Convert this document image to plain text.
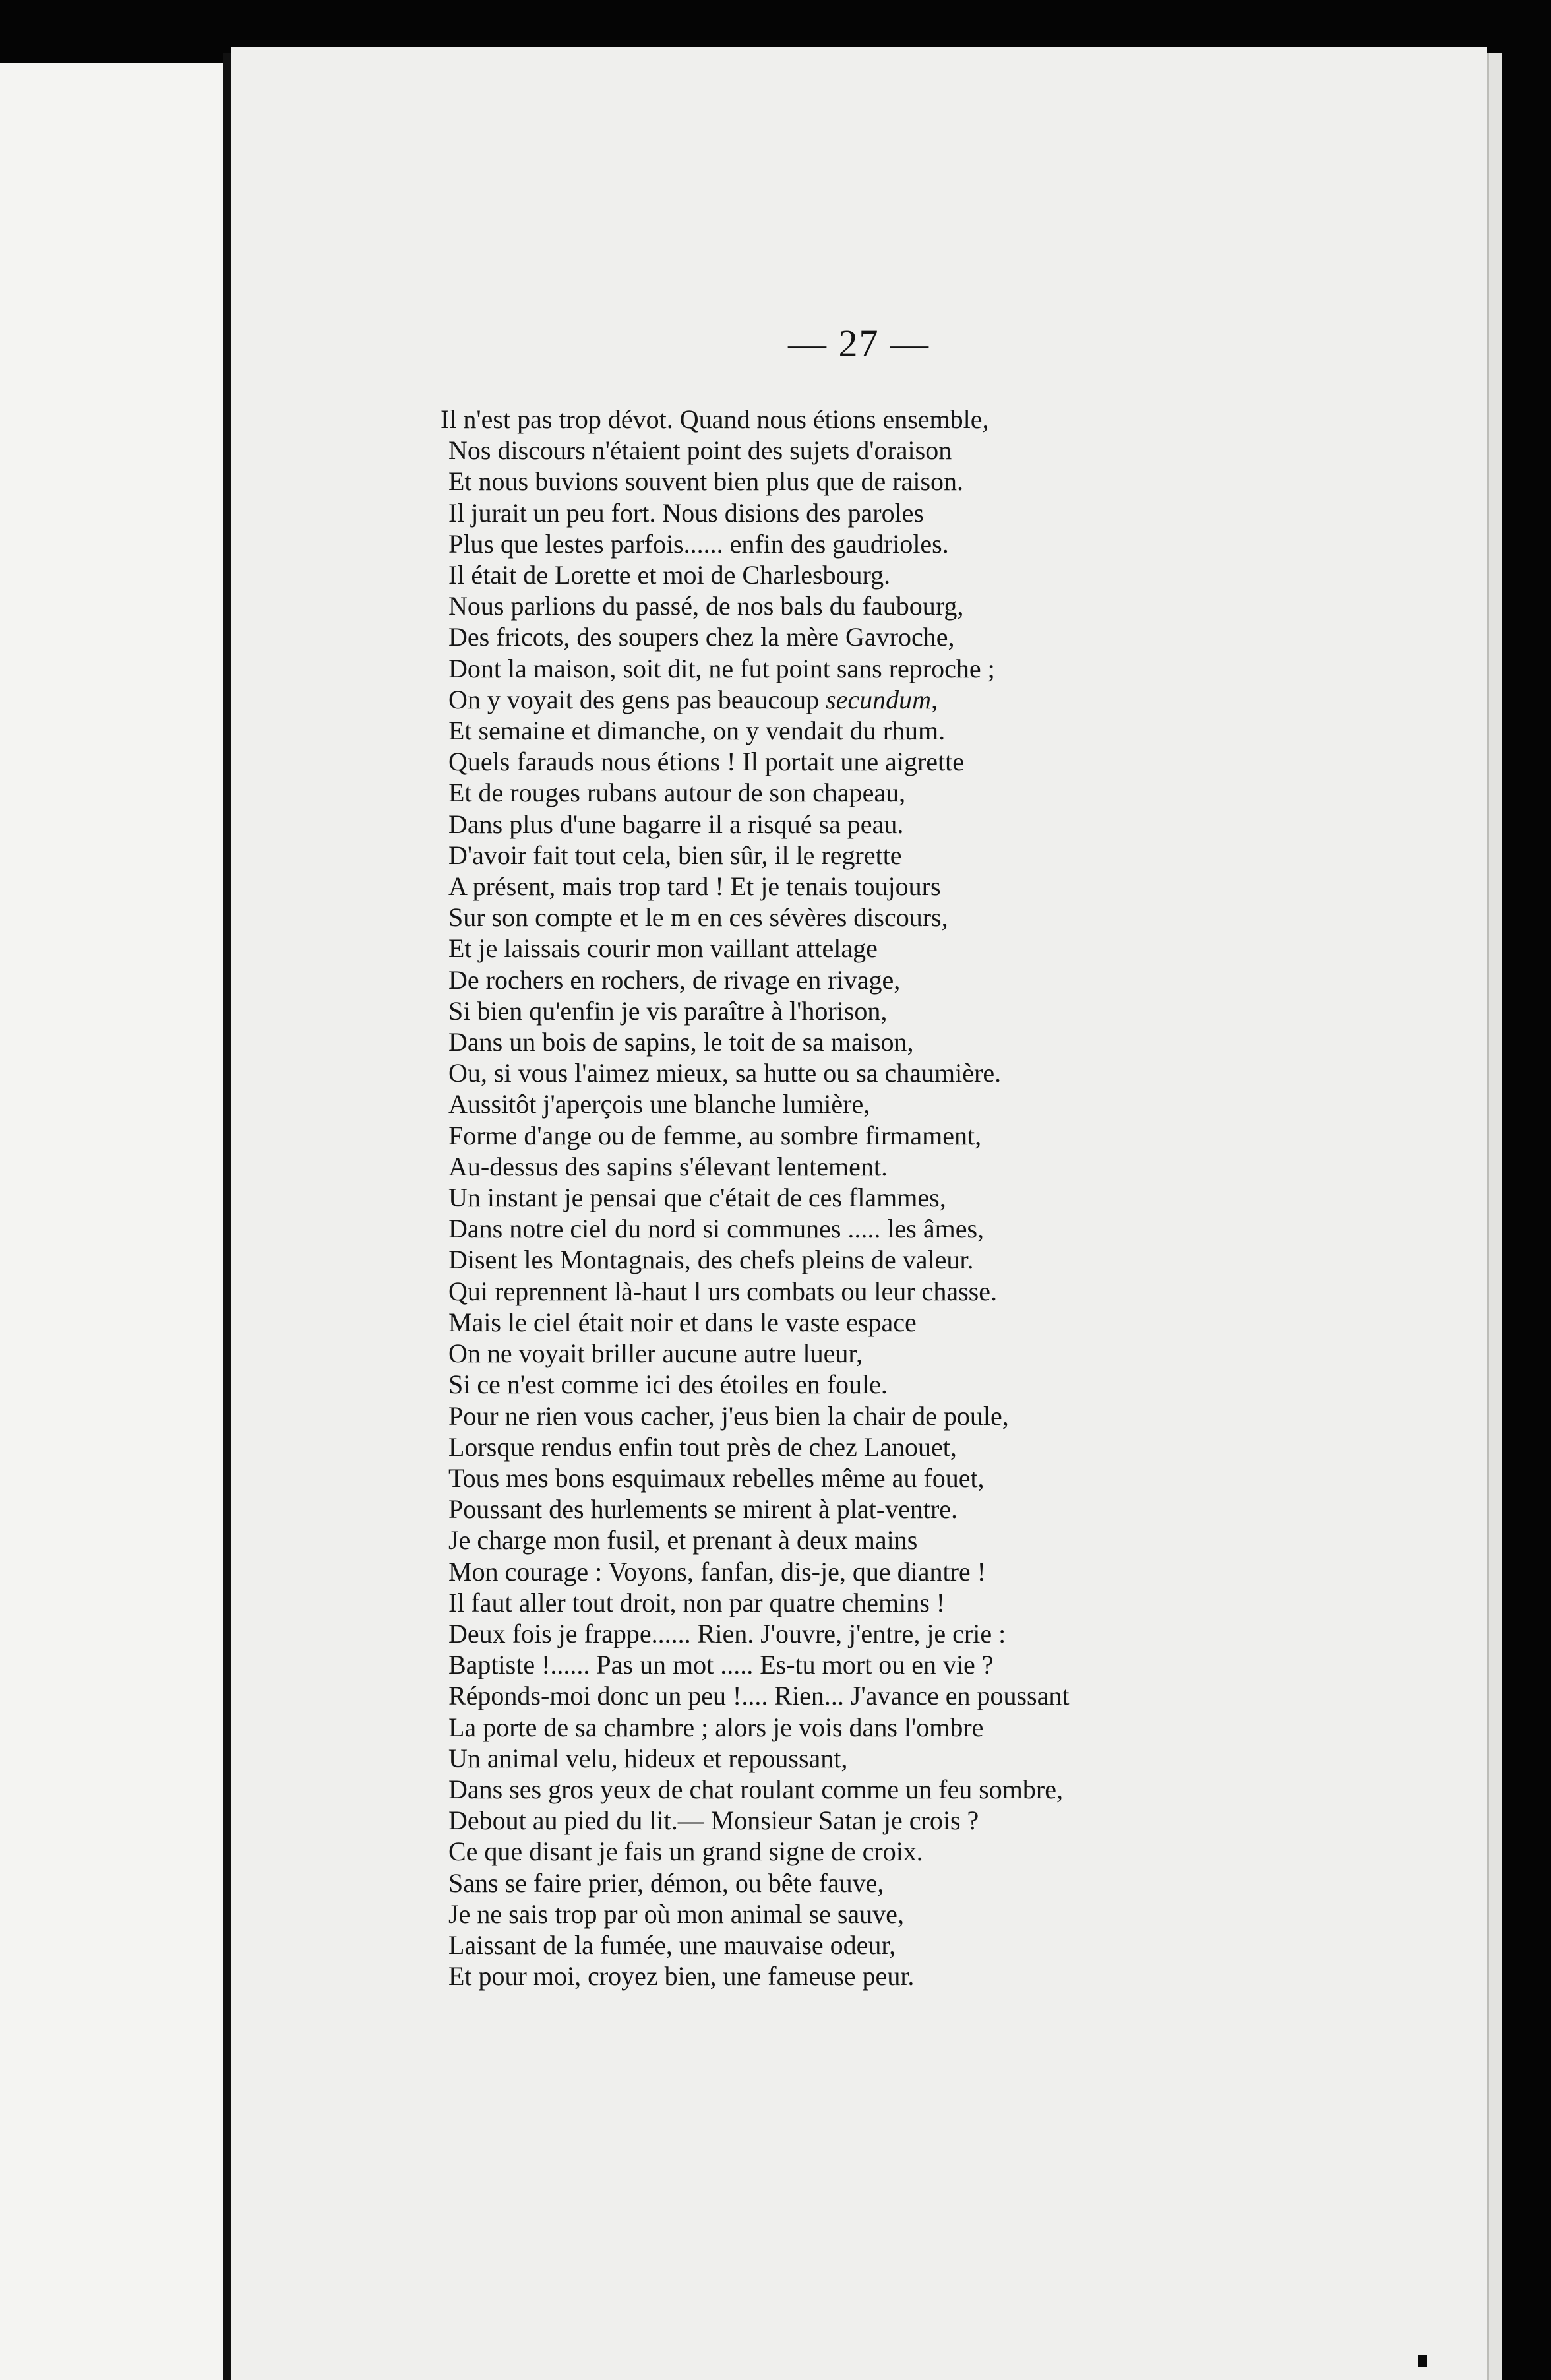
— 27 —

Il n'est pas trop dévot. Quand nous étions ensemble,

Nos discours n'étaient point des sujets d'oraison

Et nous buvions souvent bien plus que de raison.

Il jurait un peu fort. Nous disions des paroles

Plus que lestes parfois...... enfin des gaudrioles.

Il était de Lorette et moi de Charlesbourg.

Nous parlions du passé, de nos bals du faubourg,

Des fricots, des soupers chez la mère Gavroche,

Dont la maison, soit dit, ne fut point sans reproche ;

On y voyait des gens pas beaucoup secundum,

Et semaine et dimanche, on y vendait du rhum.

Quels farauds nous étions ! Il portait une aigrette

Et de rouges rubans autour de son chapeau,

Dans plus d'une bagarre il a risqué sa peau.

D'avoir fait tout cela, bien sûr, il le regrette

A présent, mais trop tard ! Et je tenais toujours

Sur son compte et le m en ces sévères discours,

Et je laissais courir mon vaillant attelage

De rochers en rochers, de rivage en rivage,

Si bien qu'enfin je vis paraître à l'horison,

Dans un bois de sapins, le toit de sa maison,

Ou, si vous l'aimez mieux, sa hutte ou sa chaumière.

Aussitôt j'aperçois une blanche lumière,

Forme d'ange ou de femme, au sombre firmament,

Au-dessus des sapins s'élevant lentement.

Un instant je pensai que c'était de ces flammes,

Dans notre ciel du nord si communes ..... les âmes,

Disent les Montagnais, des chefs pleins de valeur.

Qui reprennent là-haut l urs combats ou leur chasse.

Mais le ciel était noir et dans le vaste espace

On ne voyait briller aucune autre lueur,

Si ce n'est comme ici des étoiles en foule.

Pour ne rien vous cacher, j'eus bien la chair de poule,

Lorsque rendus enfin tout près de chez Lanouet,

Tous mes bons esquimaux rebelles même au fouet,

Poussant des hurlements se mirent à plat-ventre.

Je charge mon fusil, et prenant à deux mains

Mon courage : Voyons, fanfan, dis-je, que diantre !

Il faut aller tout droit, non par quatre chemins !

Deux fois je frappe...... Rien. J'ouvre, j'entre, je crie :

Baptiste !...... Pas un mot ..... Es-tu mort ou en vie ?

Réponds-moi donc un peu !.... Rien... J'avance en poussant

La porte de sa chambre ; alors je vois dans l'ombre

Un animal velu, hideux et repoussant,

Dans ses gros yeux de chat roulant comme un feu sombre,

Debout au pied du lit.— Monsieur Satan je crois ?

Ce que disant je fais un grand signe de croix.

Sans se faire prier, démon, ou bête fauve,

Je ne sais trop par où mon animal se sauve,

Laissant de la fumée, une mauvaise odeur,

Et pour moi, croyez bien, une fameuse peur.
